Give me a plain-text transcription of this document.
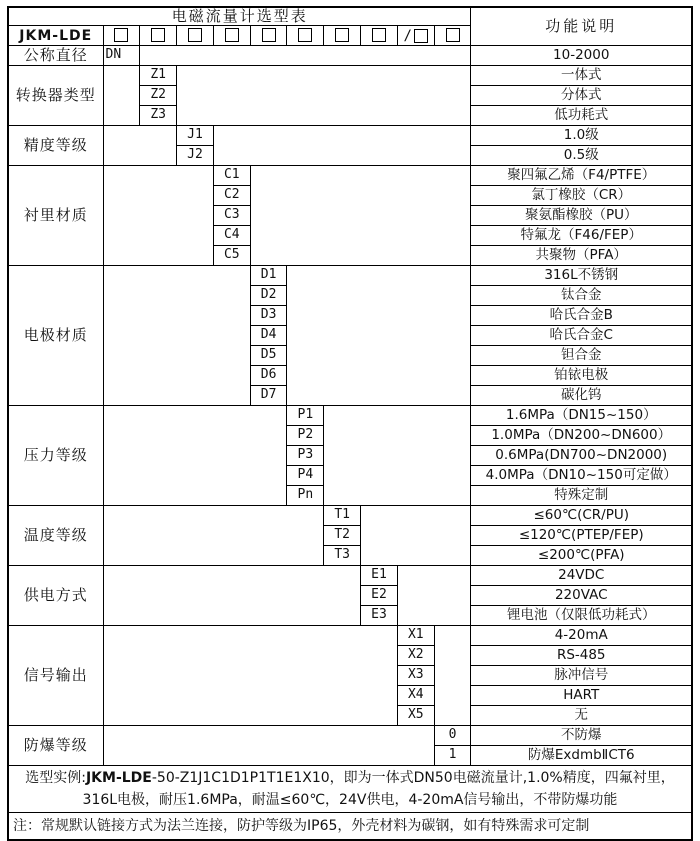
电磁流量计选型表											功能说明
JKM-LDE									/		
公称直径	DN										10-2000
转换器类型		Z1									一体式
		Z2									分体式
		Z3									低功耗式
精度等级			J1								1.0级
			J2								0.5级
衬里材质				C1							聚四氟乙烯（F4/PTFE）
				C2							氯丁橡胶（CR）
				C3							聚氨酯橡胶（PU）
				C4							特氟龙（F46/FEP）
				C5							共聚物（PFA）
电极材质					D1						316L不锈钢
					D2						钛合金
					D3						哈氏合金B
					D4						哈氏合金C
					D5						钽合金
					D6						铂铱电极
					D7						碳化钨
压力等级						P1					1.6MPa（DN15~150）
						P2					1.0MPa（DN200~DN600）
						P3					0.6MPa(DN700~DN2000)
						P4					4.0MPa（DN10~150可定做）
						Pn					特殊定制
温度等级							T1				≤60℃(CR/PU)
							T2				≤120℃(PTEP/FEP)
							T3				≤200℃(PFA)
供电方式								E1			24VDC
								E2			220VAC
								E3			锂电池（仅限低功耗式）
信号输出									X1		4-20mA
									X2		RS-485
									X3		脉冲信号
									X4		HART
									X5		无
防爆等级										0	不防爆
										1	防爆ExdmbⅡCT6
选型实例:JKM-LDE-50-Z1J1C1D1P1T1E1X10，即为一体式DN50电磁流量计,1.0%精度，四氟衬里，
316L电极，耐压1.6MPa，耐温≤60℃，24V供电，4-20mA信号输出，不带防爆功能											
注：常规默认链接方式为法兰连接，防护等级为IP65，外壳材料为碳钢，如有特殊需求可定制											
